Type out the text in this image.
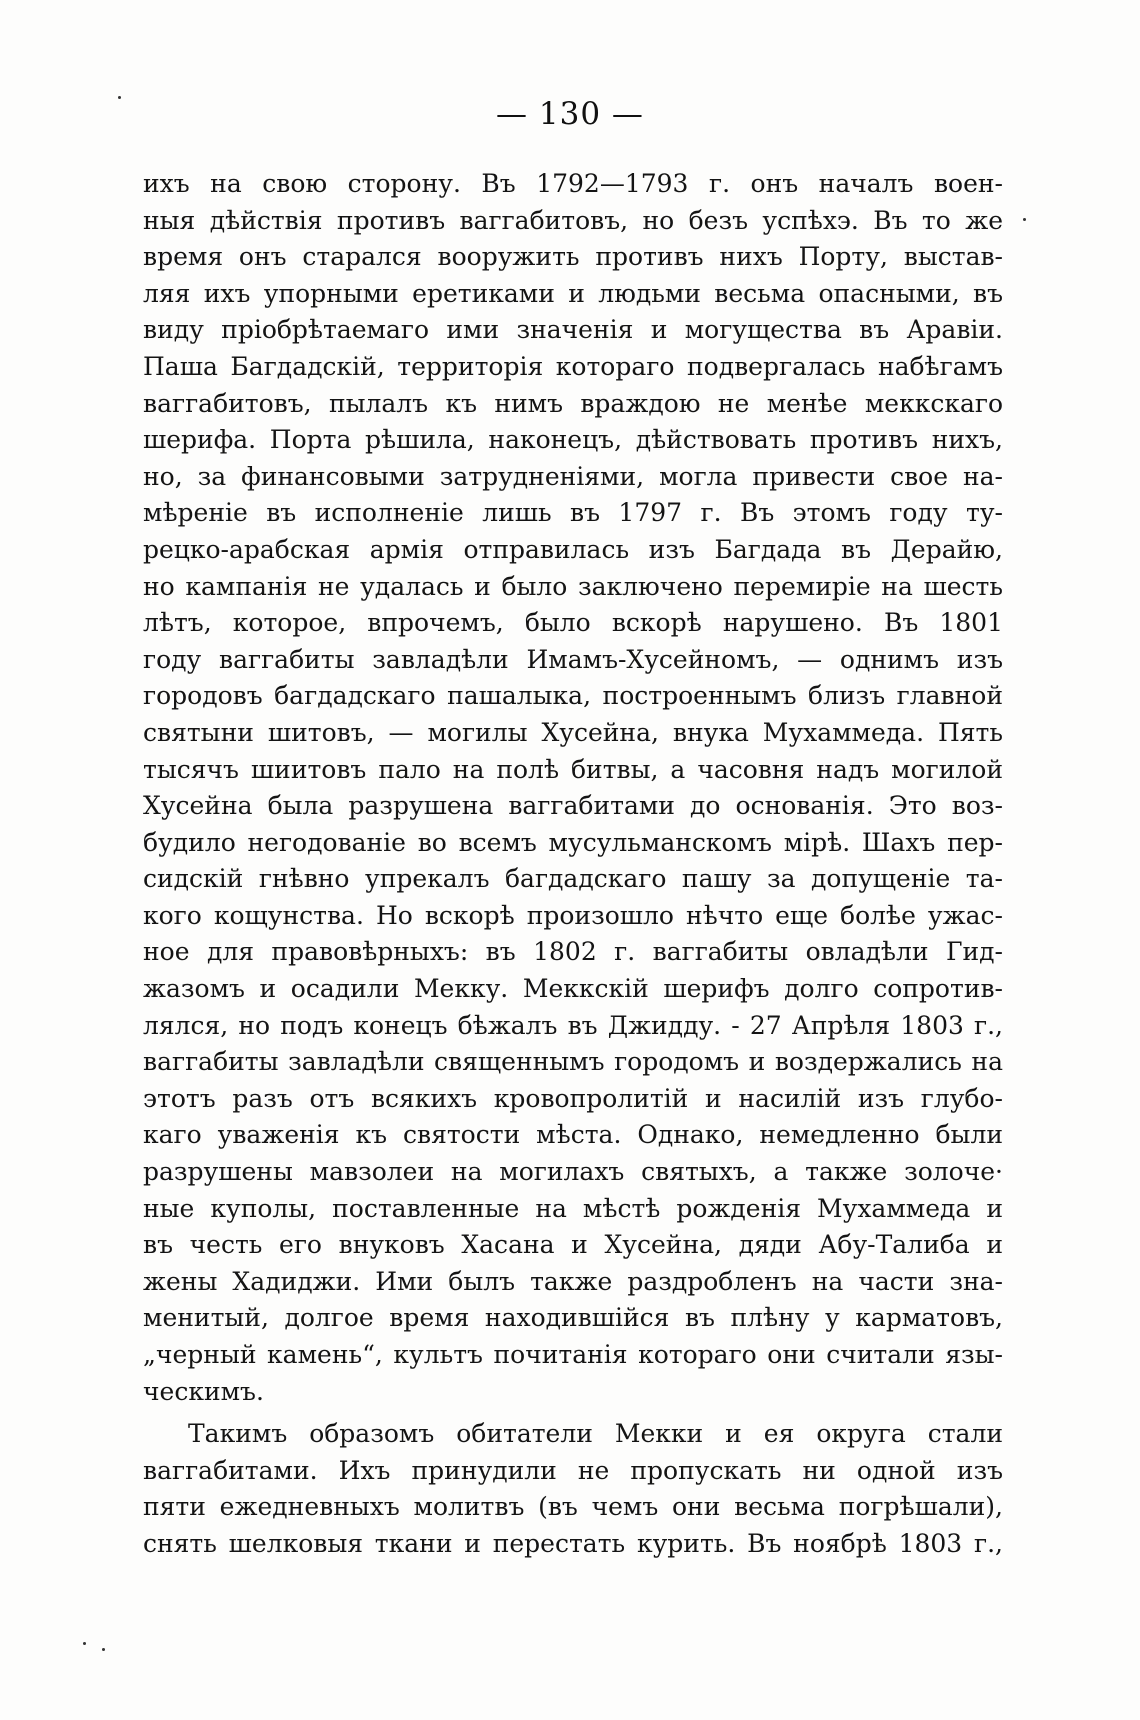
— 130 —
ихъ на свою сторону. Въ 1792—1793 г. онъ началъ воен-
ныя дѣйствія противъ ваггабитовъ, но безъ успѣхэ. Въ то же
время онъ старался вооружить противъ нихъ Порту, выстав-
ляя ихъ упорными еретиками и людьми весьма опасными, въ
виду пріобрѣтаемаго ими значенія и могущества въ Аравіи.
Паша Багдадскій, территорія котораго подвергалась набѣгамъ
ваггабитовъ, пылалъ къ нимъ враждою не менѣе меккскаго
шерифа. Порта рѣшила, наконецъ, дѣйствовать противъ нихъ,
но, за финансовыми затрудненіями, могла привести свое на-
мѣреніе въ исполненіе лишь въ 1797 г. Въ этомъ году ту-
рецко-арабская армія отправилась изъ Багдада въ Дерайю,
но кампанія не удалась и было заключено перемиріе на шесть
лѣтъ, которое, впрочемъ, было вскорѣ нарушено. Въ 1801
году ваггабиты завладѣли Имамъ-Хусейномъ, — однимъ изъ
городовъ багдадскаго пашалыка, построеннымъ близъ главной
святыни шитовъ, — могилы Хусейна, внука Мухаммеда. Пять
тысячъ шиитовъ пало на полѣ битвы, а часовня надъ могилой
Хусейна была разрушена ваггабитами до основанія. Это воз-
будило негодованіе во всемъ мусульманскомъ мірѣ. Шахъ пер-
сидскій гнѣвно упрекалъ багдадскаго пашу за допущеніе та-
кого кощунства. Но вскорѣ произошло нѣчто еще болѣе ужас-
ное для правовѣрныхъ: въ 1802 г. ваггабиты овладѣли Гид-
жазомъ и осадили Мекку. Меккскій шерифъ долго сопротив-
лялся, но подъ конецъ бѣжалъ въ Джидду. - 27 Апрѣля 1803 г.,
ваггабиты завладѣли священнымъ городомъ и воздержались на
этотъ разъ отъ всякихъ кровопролитій и насилій изъ глубо-
каго уваженія къ святости мѣста. Однако, немедленно были
разрушены мавзолеи на могилахъ святыхъ, а также золоче·
ные куполы, поставленные на мѣстѣ рожденія Мухаммеда и
въ честь его внуковъ Хасана и Хусейна, дяди Абу-Талиба и
жены Хадиджи. Ими былъ также раздробленъ на части зна-
менитый, долгое время находившійся въ плѣну у карматовъ,
„черный камень“, культъ почитанія котораго они считали язы-
ческимъ.
Такимъ образомъ обитатели Мекки и ея округа стали
ваггабитами. Ихъ принудили не пропускать ни одной изъ
пяти ежедневныхъ молитвъ (въ чемъ они весьма погрѣшали),
снять шелковыя ткани и перестать курить. Въ ноябрѣ 1803 г.,
